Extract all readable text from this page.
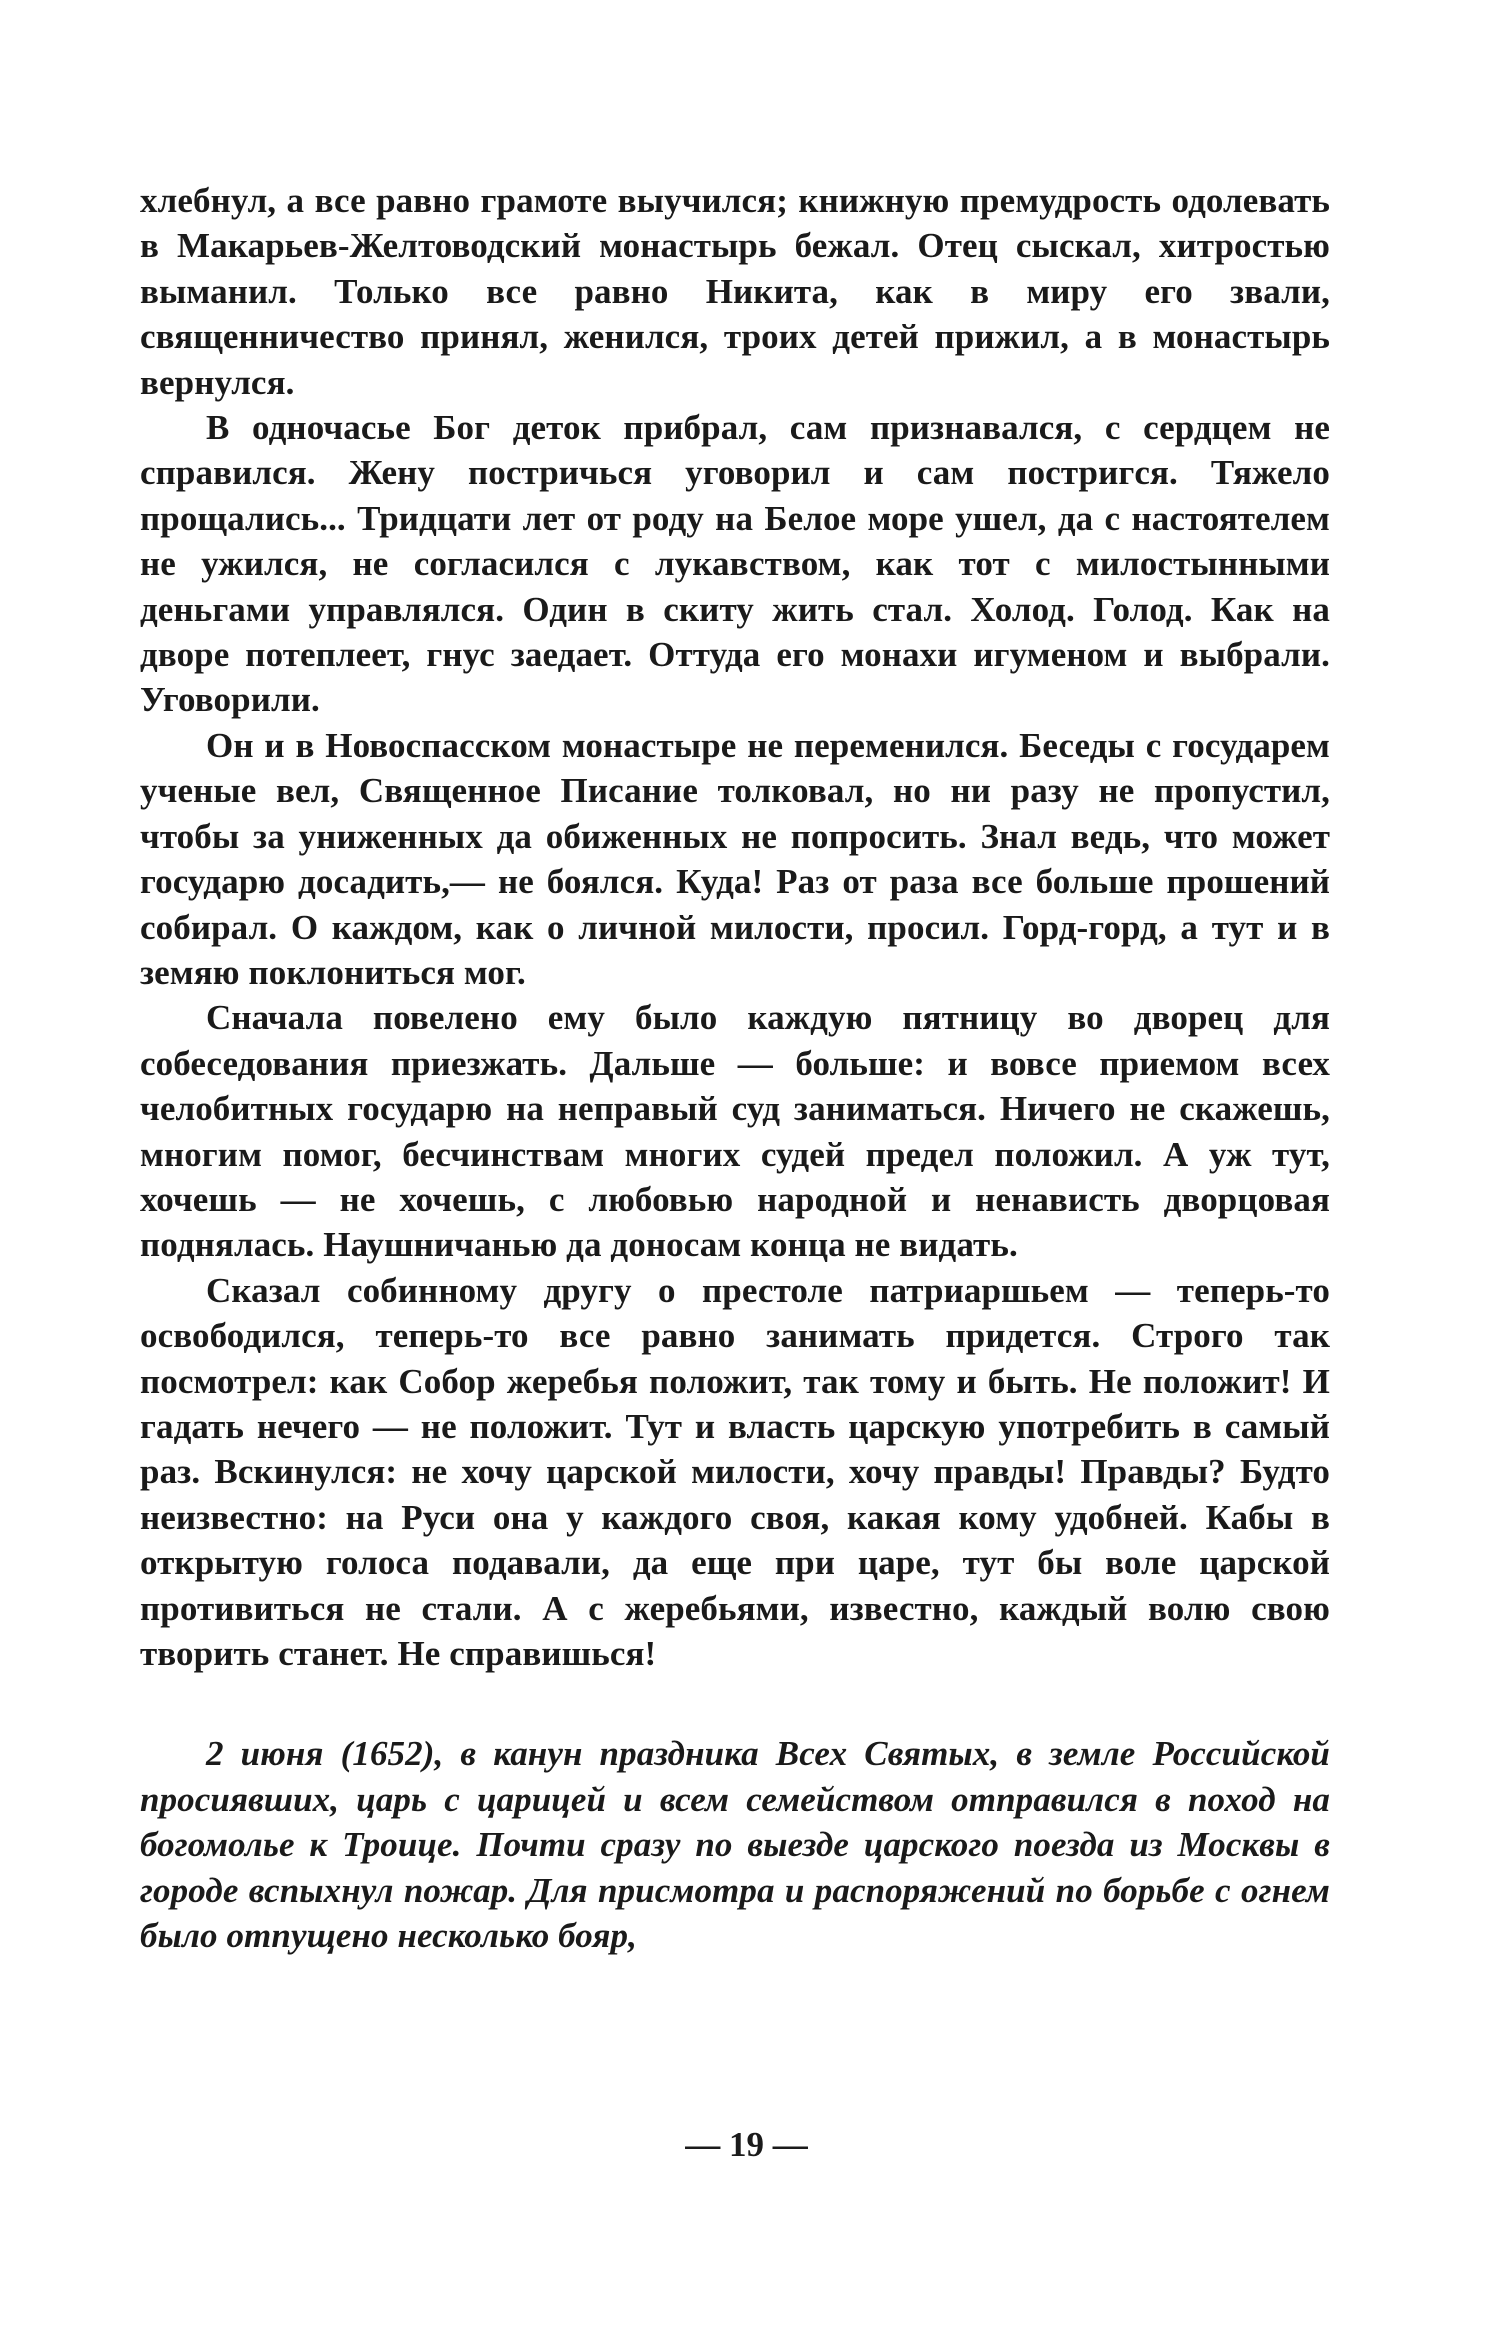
хлебнул, а все равно грамоте выучился; книжную премудрость одолевать в Макарьев-Желтоводский монастырь бежал. Отец сыскал, хитростью выманил. Только все равно Никита, как в миру его звали, священничество принял, женился, троих детей прижил, а в монастырь вернулся.

В одночасье Бог деток прибрал, сам признавался, с сердцем не справился. Жену постричься уговорил и сам постригся. Тяжело прощались... Тридцати лет от роду на Белое море ушел, да с настоятелем не ужился, не согласился с лукавством, как тот с милостынными деньгами управлялся. Один в скиту жить стал. Холод. Голод. Как на дворе потеплеет, гнус заедает. Оттуда его монахи игуменом и выбрали. Уговорили.

Он и в Новоспасском монастыре не переменился. Беседы с государем ученые вел, Священное Писание толковал, но ни разу не пропустил, чтобы за униженных да обиженных не попросить. Знал ведь, что может государю досадить,— не боялся. Куда! Раз от раза все больше прошений собирал. О каждом, как о личной милости, просил. Горд-горд, а тут и в земяю поклониться мог.

Сначала повелено ему было каждую пятницу во дворец для собеседования приезжать. Дальше — больше: и вовсе приемом всех челобитных государю на неправый суд заниматься. Ничего не скажешь, многим помог, бесчинствам многих судей предел положил. А уж тут, хочешь — не хочешь, с любовью народной и ненависть дворцовая поднялась. Наушничанью да доносам конца не видать.

Сказал собинному другу о престоле патриаршьем — теперь-то освободился, теперь-то все равно занимать придется. Строго так посмотрел: как Собор жеребья положит, так тому и быть. Не положит! И гадать нечего — не положит. Тут и власть царскую употребить в самый раз. Вскинулся: не хочу царской милости, хочу правды! Правды? Будто неизвестно: на Руси она у каждого своя, какая кому удобней. Кабы в открытую голоса подавали, да еще при царе, тут бы воле царской противиться не стали. А с жеребьями, известно, каждый волю свою творить станет. Не справишься!

2 июня (1652), в канун праздника Всех Святых, в земле Российской просиявших, царь с царицей и всем семейством отправился в поход на богомолье к Троице. Почти сразу по выезде царского поезда из Москвы в городе вспыхнул пожар. Для присмотра и распоряжений по борьбе с огнем было отпущено несколько бояр,

— 19 —
